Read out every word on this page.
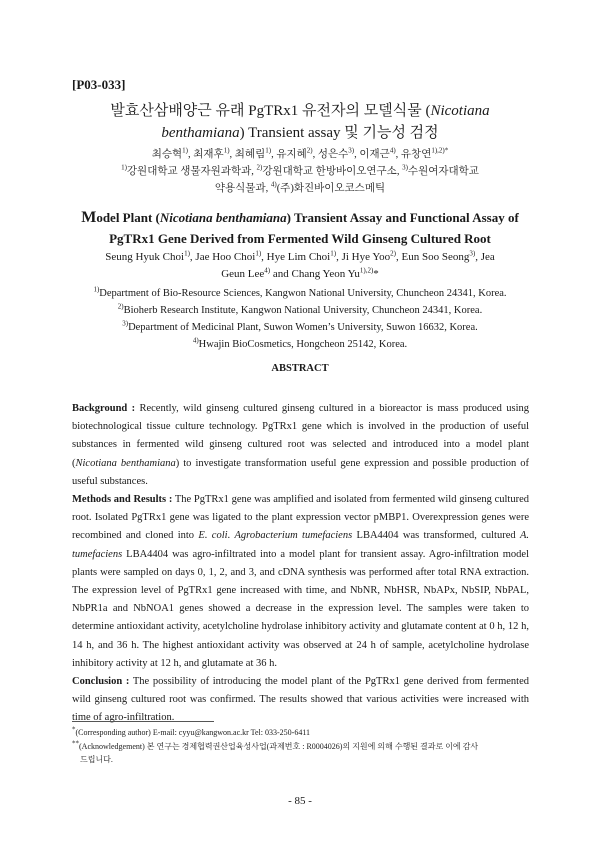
[P03-033]
발효산삼배양근 유래 PgTRx1 유전자의 모델식물 (Nicotiana
benthamiana) Transient assay 및 기능성 검정
최승혁$^{1)}$, 최재후$^{1)}$, 최혜림$^{1)}$, 유지혜$^{2)}$, 성은수$^{3)}$, 이재근$^{4)}$, 유창연$^{1),2)*}$
$^{1)}$강원대학교 생물자원과학과, $^{2)}$강원대학교 한방바이오연구소, $^{3)}$수원여자대학교
약용식물과, $^{4)}$(주)화진바이오코스메틱
Model Plant (Nicotiana benthamiana) Transient Assay and Functional Assay of
PgTRx1 Gene Derived from Fermented Wild Ginseng Cultured Root
Seung Hyuk Choi$^{1)}$, Jae Hoo Choi$^{1)}$, Hye Lim Choi$^{1)}$, Ji Hye Yoo$^{2)}$, Eun Soo Seong$^{3)}$, Jea
Geun Lee$^{4)}$ and Chang Yeon $Yu^{1),2)}*$
$^{1)}$Department of Bio-Resource Sciences, Kangwon National University, Chuncheon 24341, Korea.
$^{2)}$Bioherb Research Institute, Kangwon National University, Chuncheon 24341, Korea.
$^{3)}$Department of Medicinal Plant, Suwon Women’s University, Suwon 16632, Korea.
$^{4)}$Hwajin BioCosmetics, Hongcheon 25142, Korea.
ABSTRACT

Background : Recently, wild ginseng cultured ginseng cultured in a bioreactor is mass produced using biotechnological tissue culture technology. PgTRx1 gene which is involved in the production of useful substances in fermented wild ginseng cultured root was selected and introduced into a model plant (Nicotiana benthamiana) to investigate transformation useful gene expression and possible production of useful substances.

Methods and Results : The PgTRx1 gene was amplified and isolated from fermented wild ginseng cultured root. Isolated PgTRx1 gene was ligated to the plant expression vector pMBP1. Overexpression genes were recombined and cloned into E. coli. Agrobacterium tumefaciens LBA4404 was transformed, cultured A. tumefaciens LBA4404 was agro-infiltrated into a model plant for transient assay. Agro-infiltration model plants were sampled on days 0, 1, 2, and 3, and cDNA synthesis was performed after total RNA extraction. The expression level of PgTRx1 gene increased with time, and NbNR, NbHSR, NbAPx, NbSIP, NbPAL, NbPR1a and NbNOA1 genes showed a decrease in the expression level. The samples were taken to determine antioxidant activity, acetylcholine hydrolase inhibitory activity and glutamate content at 0 h, 12 h, 14 h, and 36 h. The highest antioxidant activity was observed at 24 h of sample, acetylcholine hydrolase inhibitory activity at 12 h, and glutamate at 36 h.

Conclusion : The possibility of introducing the model plant of the PgTRx1 gene derived from fermented wild ginseng cultured root was confirmed. The results showed that various activities were increased with time of agro-infiltration.

*(Corresponding author) E-mail: cyyu@kangwon.ac.kr Tel: 033-250-6411
**(Acknowledgement) 본 연구는 경제협력권산업육성사업(과제번호 : R0004026)의 지원에 의해 수행된 결과로 이에 감사
드립니다.
- 85 -
